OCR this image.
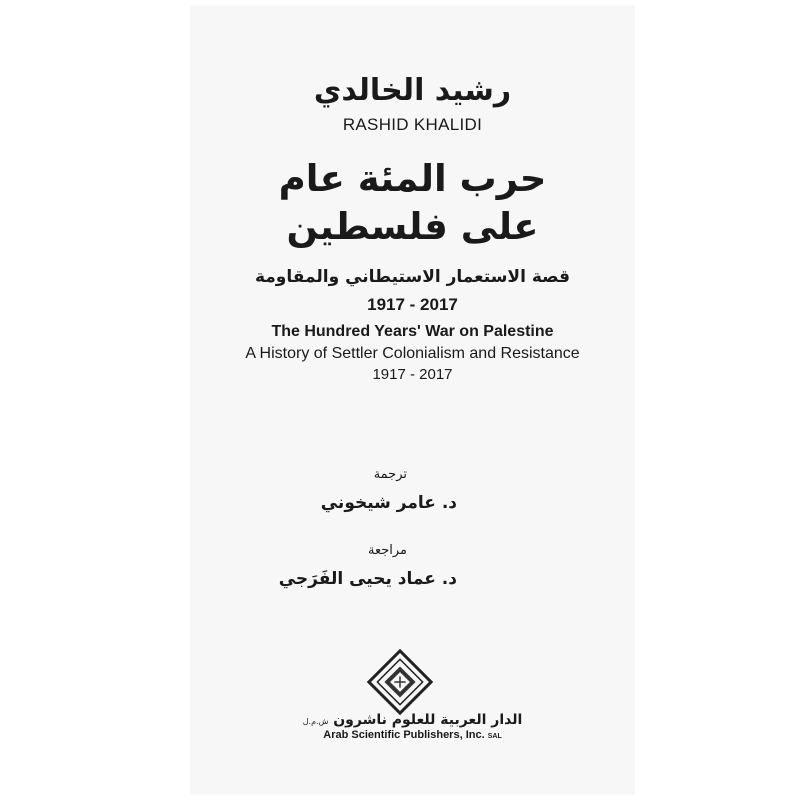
رشيد الخالدي
RASHID KHALIDI
حرب المئة عام
على فلسطين
قصة الاستعمار الاستيطاني والمقاومة
1917 - 2017
The Hundred Years' War on Palestine
A History of Settler Colonialism and Resistance
1917 - 2017
ترجمة
د. عامر شيخوني
مراجعة
د. عماد يحيى الفَرَجي
الدار العربية للعلوم ناشرون ش.م.ل
Arab Scientific Publishers, Inc. SAL
